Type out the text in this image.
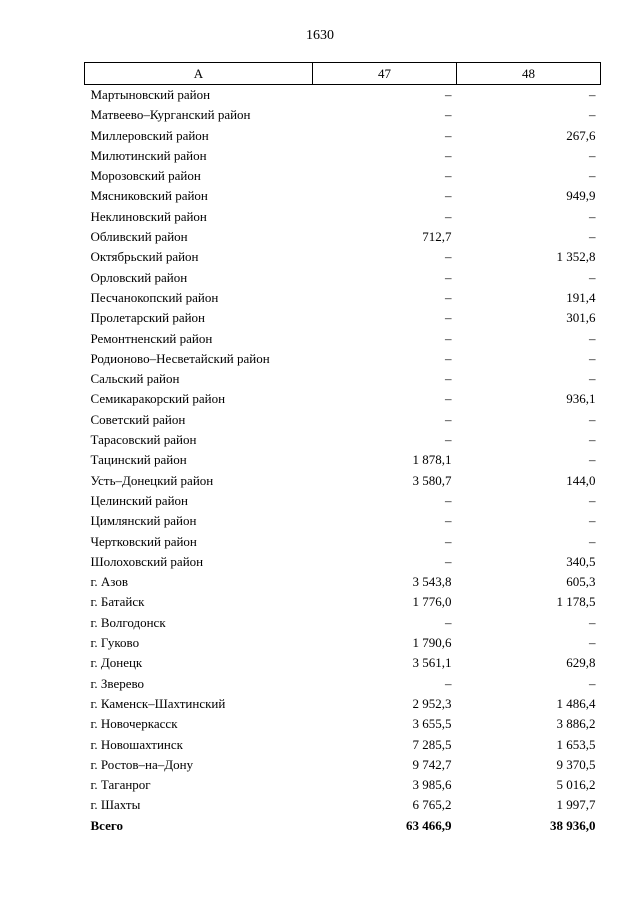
1630
А	47	48
Мартыновский район	–	–
Матвеево–Курганский район	–	–
Миллеровский район	–	267,6
Милютинский район	–	–
Морозовский район	–	–
Мясниковский район	–	949,9
Неклиновский район	–	–
Обливский район	712,7	–
Октябрьский район	–	1 352,8
Орловский район	–	–
Песчанокопский район	–	191,4
Пролетарский район	–	301,6
Ремонтненский район	–	–
Родионово–Несветайский район	–	–
Сальский район	–	–
Семикаракорский район	–	936,1
Советский район	–	–
Тарасовский район	–	–
Тацинский район	1 878,1	–
Усть–Донецкий район	3 580,7	144,0
Целинский район	–	–
Цимлянский район	–	–
Чертковский район	–	–
Шолоховский район	–	340,5
г. Азов	3 543,8	605,3
г. Батайск	1 776,0	1 178,5
г. Волгодонск	–	–
г. Гуково	1 790,6	–
г. Донецк	3 561,1	629,8
г. Зверево	–	–
г. Каменск–Шахтинский	2 952,3	1 486,4
г. Новочеркасск	3 655,5	3 886,2
г. Новошахтинск	7 285,5	1 653,5
г. Ростов–на–Дону	9 742,7	9 370,5
г. Таганрог	3 985,6	5 016,2
г. Шахты	6 765,2	1 997,7
Всего	63 466,9	38 936,0
